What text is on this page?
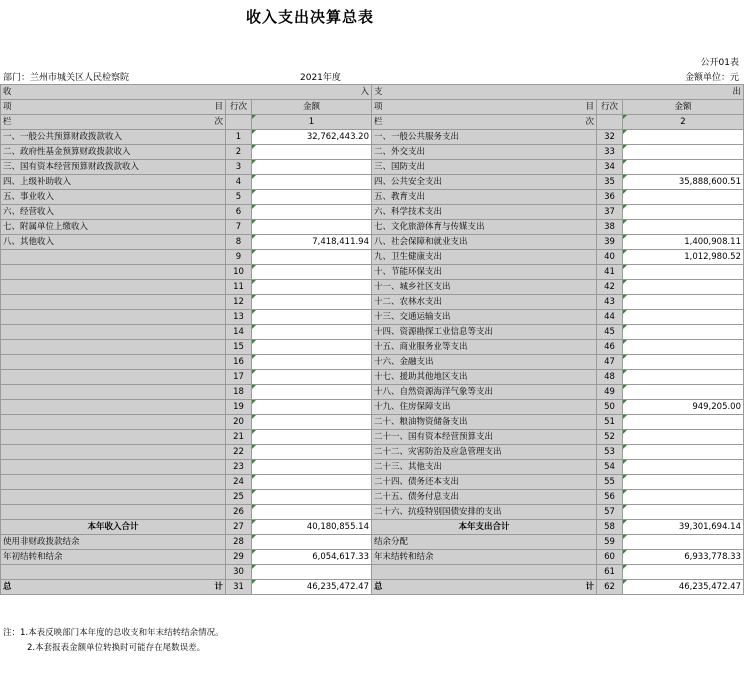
收入支出决算总表
公开01表
部门：兰州市城关区人民检察院	2021年度	金额单位：元
收 入			支 出		

项 目	行次	金额	项 目	行次	金额

栏 次		1	栏 次		2
一、一般公共预算财政拨款收入	1	32,762,443.20	一、一般公共服务支出	32	
二、政府性基金预算财政拨款收入	2		二、外交支出	33	
三、国有资本经营预算财政拨款收入	3		三、国防支出	34	
四、上级补助收入	4		四、公共安全支出	35	35,888,600.51
五、事业收入	5		五、教育支出	36	
六、经营收入	6		六、科学技术支出	37	
七、附属单位上缴收入	7		七、文化旅游体育与传媒支出	38	
八、其他收入	8	7,418,411.94	八、社会保障和就业支出	39	1,400,908.11
	9		九、卫生健康支出	40	1,012,980.52
	10		十、节能环保支出	41	
	11		十一、城乡社区支出	42	
	12		十二、农林水支出	43	
	13		十三、交通运输支出	44	
	14		十四、资源勘探工业信息等支出	45	
	15		十五、商业服务业等支出	46	
	16		十六、金融支出	47	
	17		十七、援助其他地区支出	48	
	18		十八、自然资源海洋气象等支出	49	
	19		十九、住房保障支出	50	949,205.00
	20		二十、粮油物资储备支出	51	
	21		二十一、国有资本经营预算支出	52	
	22		二十二、灾害防治及应急管理支出	53	
	23		二十三、其他支出	54	
	24		二十四、债务还本支出	55	
	25		二十五、债务付息支出	56	
	26		二十六、抗疫特别国债安排的支出	57	
本年收入合计	27	40,180,855.14	本年支出合计	58	39,301,694.14
使用非财政拨款结余	28		结余分配	59	
年初结转和结余	29	6,054,617.33	年末结转和结余	60	6,933,778.33
	30			61	

总 计	31	46,235,472.47	总 计	62	46,235,472.47
注：1.本表反映部门本年度的总收支和年末结转结余情况。
2.本套报表金额单位转换时可能存在尾数误差。
